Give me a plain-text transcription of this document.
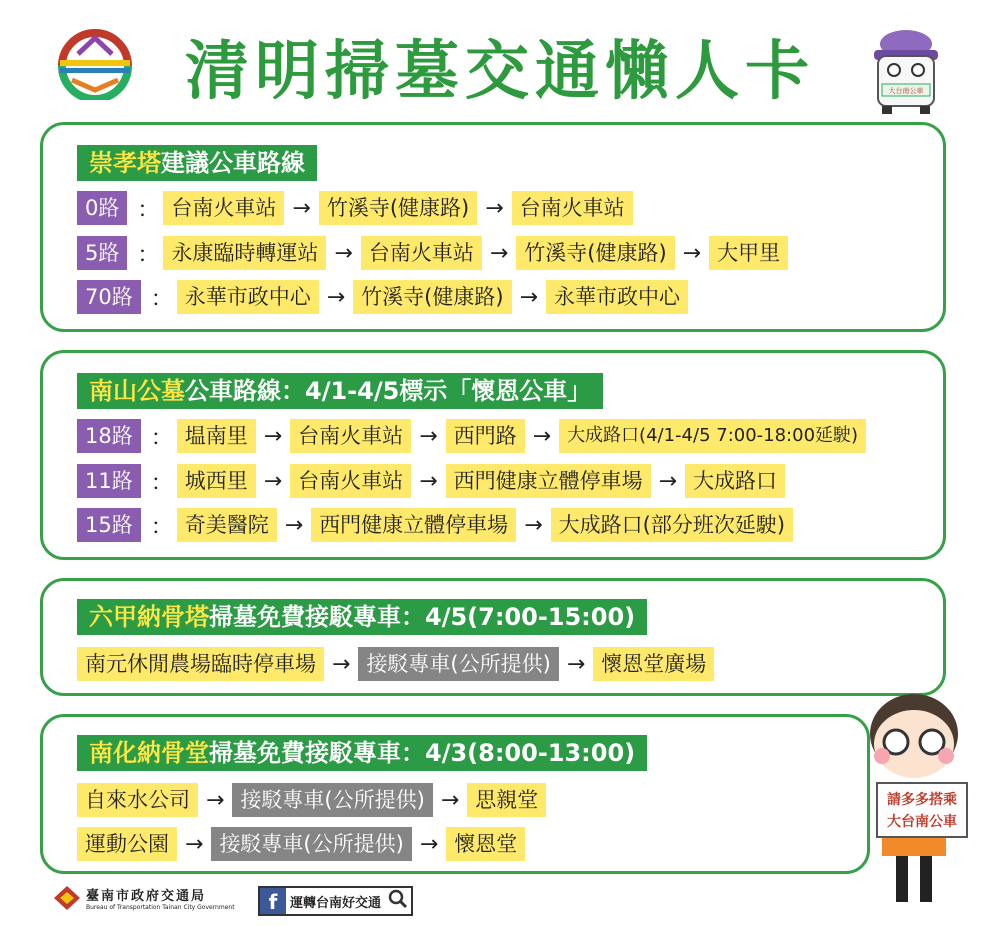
清明掃墓交通懶人卡	大台南公車
崇孝塔建議公車路線
0路 ： 台南火車站 → 竹溪寺(健康路) → 台南火車站
5路 ： 永康臨時轉運站 → 台南火車站 → 竹溪寺(健康路) → 大甲里
70路 ： 永華市政中心 → 竹溪寺(健康路) → 永華市政中心
南山公墓公車路線：4/1-4/5標示「懷恩公車」
18路 ： 塭南里 → 台南火車站 → 西門路 → 大成路口(4/1-4/5 7:00-18:00延駛)
11路 ： 城西里 → 台南火車站 → 西門健康立體停車場 → 大成路口
15路 ： 奇美醫院 → 西門健康立體停車場 → 大成路口(部分班次延駛)
六甲納骨塔掃墓免費接駁專車：4/5(7:00-15:00)
南元休閒農場臨時停車場 → 接駁專車(公所提供) → 懷恩堂廣場
南化納骨堂掃墓免費接駁專車：4/3(8:00-13:00)
自來水公司 → 接駁專車(公所提供) → 思親堂
運動公園 → 接駁專車(公所提供) → 懷恩堂
請多多搭乘
大台南公車
臺南市政府交通局
Bureau of Transportation Tainan City Government	f 運轉台南好交通
